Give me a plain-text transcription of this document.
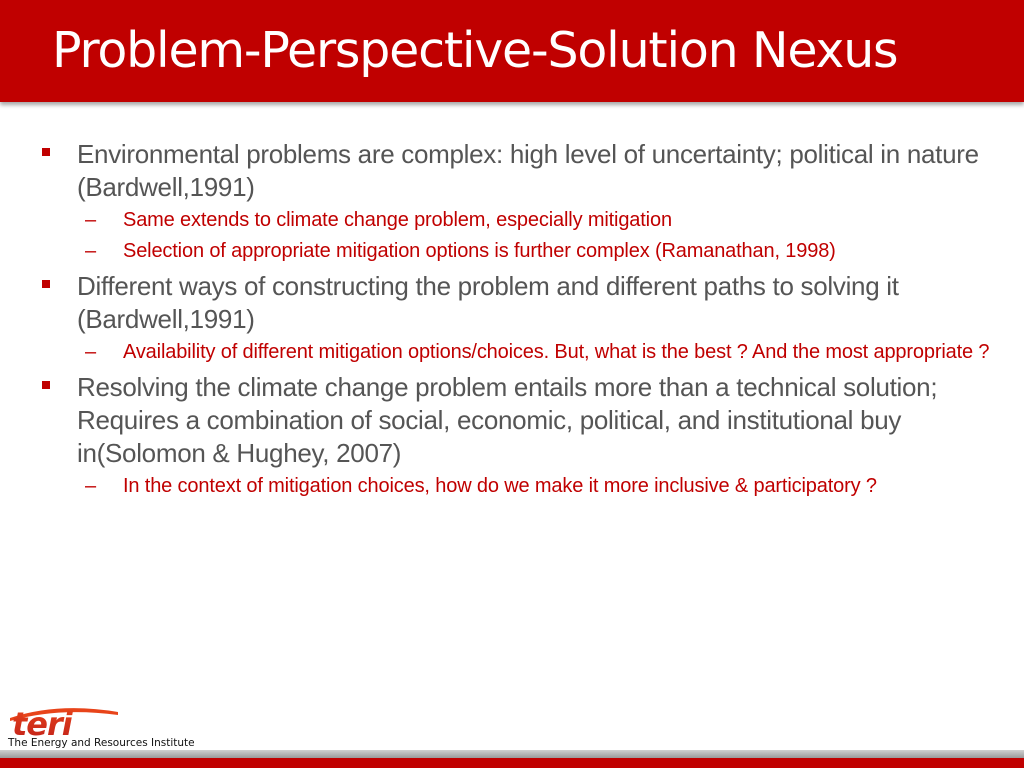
Problem-Perspective-Solution Nexus
Environmental problems are complex: high level of uncertainty; political in nature (Bardwell,1991)
– Same extends to climate change problem, especially mitigation
– Selection of appropriate mitigation options is further complex (Ramanathan, 1998)
Different ways of constructing the problem and different paths to solving it (Bardwell,1991)
– Availability of different mitigation options/choices. But, what is the best ? And the most appropriate ?
Resolving the climate change problem entails more than a technical solution; Requires a combination of social, economic, political, and institutional buy in(Solomon & Hughey, 2007)
– In the context of mitigation choices, how do we make it more inclusive & participatory ?
teri
The Energy and Resources Institute
